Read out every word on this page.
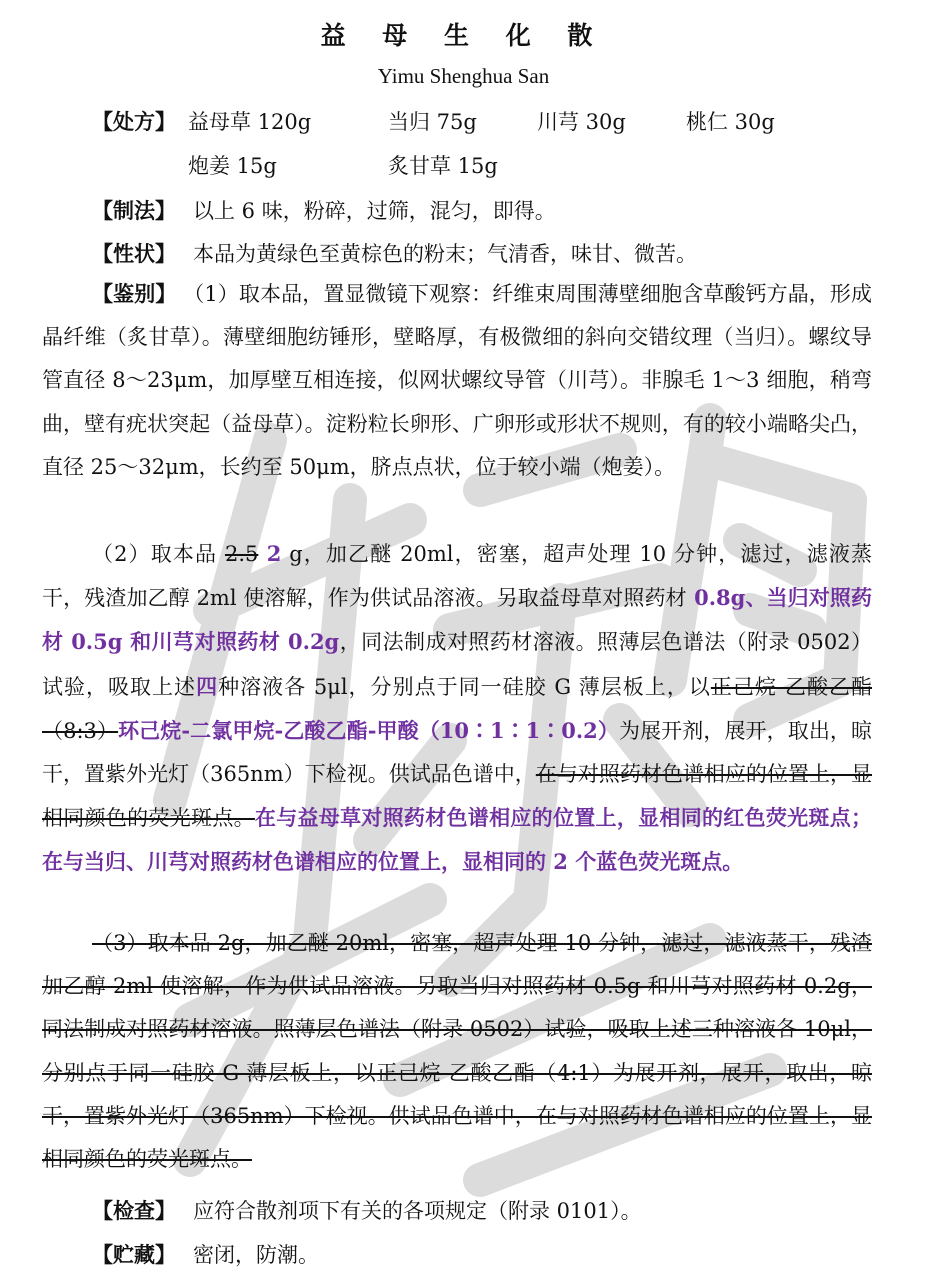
益 母 生 化 散
Yimu Shenghua San
【处方】 益母草 120g	当归 75g	川芎 30g	桃仁 30g
炮姜 15g	炙甘草 15g
【制法】 以上 6 味，粉碎，过筛，混匀，即得。
【性状】 本品为黄绿色至黄棕色的粉末；气清香，味甘、微苦。
【鉴别】 （1）取本品，置显微镜下观察：纤维束周围薄壁细胞含草酸钙方晶，形成晶纤维（炙甘草）。薄壁细胞纺锤形，壁略厚，有极微细的斜向交错纹理（当归）。螺纹导管直径 8～23μm，加厚壁互相连接，似网状螺纹导管（川芎）。非腺毛 1～3 细胞，稍弯曲，壁有疣状突起（益母草）。淀粉粒长卵形、广卵形或形状不规则，有的较小端略尖凸，直径 25～32μm，长约至 50μm，脐点点状，位于较小端（炮姜）。
（2）取本品 2.5 2 g，加乙醚 20ml，密塞，超声处理 10 分钟，滤过，滤液蒸干，残渣加乙醇 2ml 使溶解，作为供试品溶液。另取益母草对照药材 0.8g、当归对照药材 0.5g 和川芎对照药材 0.2g，同法制成对照药材溶液。照薄层色谱法（附录 0502）试验，吸取上述四种溶液各 5μl，分别点于同一硅胶 G 薄层板上，以正己烷-乙酸乙酯（8:3）环己烷-二氯甲烷-乙酸乙酯-甲酸（10∶1∶1∶0.2）为展开剂，展开，取出，晾干，置紫外光灯（365nm）下检视。供试品色谱中，在与对照药材色谱相应的位置上，显相同颜色的荧光斑点。在与益母草对照药材色谱相应的位置上，显相同的红色荧光斑点；在与当归、川芎对照药材色谱相应的位置上，显相同的 2 个蓝色荧光斑点。
（3）取本品 2g，加乙醚 20ml，密塞，超声处理 10 分钟，滤过，滤液蒸干，残渣加乙醇 2ml 使溶解，作为供试品溶液。另取当归对照药材 0.5g 和川芎对照药材 0.2g，同法制成对照药材溶液。照薄层色谱法（附录 0502）试验，吸取上述三种溶液各 10μl，分别点于同一硅胶 G 薄层板上，以正己烷-乙酸乙酯（4:1）为展开剂，展开，取出，晾干，置紫外光灯（365nm）下检视。供试品色谱中，在与对照药材色谱相应的位置上，显相同颜色的荧光斑点。
【检查】 应符合散剂项下有关的各项规定（附录 0101）。
【贮藏】 密闭，防潮。
